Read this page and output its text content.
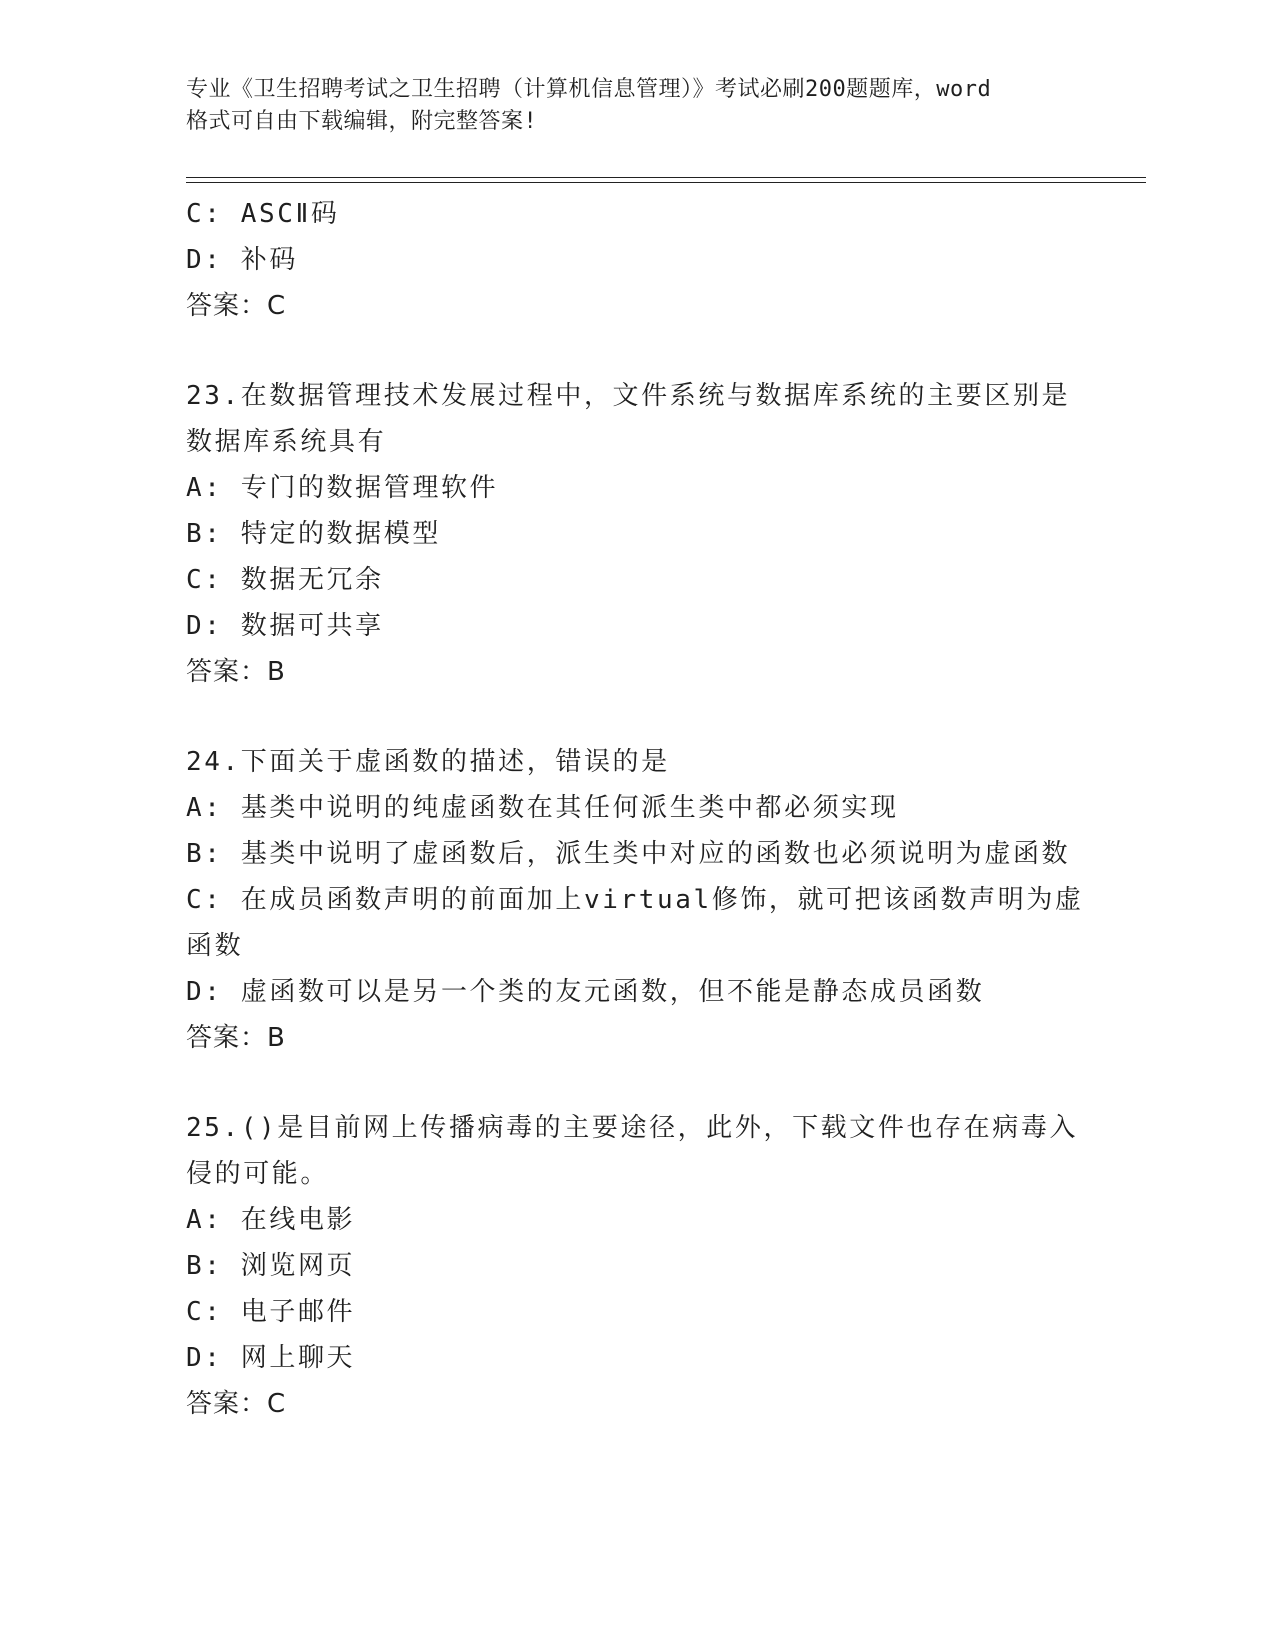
专业《卫生招聘考试之卫生招聘（计算机信息管理）》考试必刷200题题库，word
格式可自由下载编辑，附完整答案!
C: ASCⅡ码
D: 补码
答案：C
23.在数据管理技术发展过程中，文件系统与数据库系统的主要区别是
数据库系统具有
A: 专门的数据管理软件
B: 特定的数据模型
C: 数据无冗余
D: 数据可共享
答案：B
24.下面关于虚函数的描述，错误的是
A: 基类中说明的纯虚函数在其任何派生类中都必须实现
B: 基类中说明了虚函数后，派生类中对应的函数也必须说明为虚函数
C: 在成员函数声明的前面加上virtual修饰，就可把该函数声明为虚
函数
D: 虚函数可以是另一个类的友元函数，但不能是静态成员函数
答案：B
25.()是目前网上传播病毒的主要途径，此外，下载文件也存在病毒入
侵的可能。
A: 在线电影
B: 浏览网页
C: 电子邮件
D: 网上聊天
答案：C
